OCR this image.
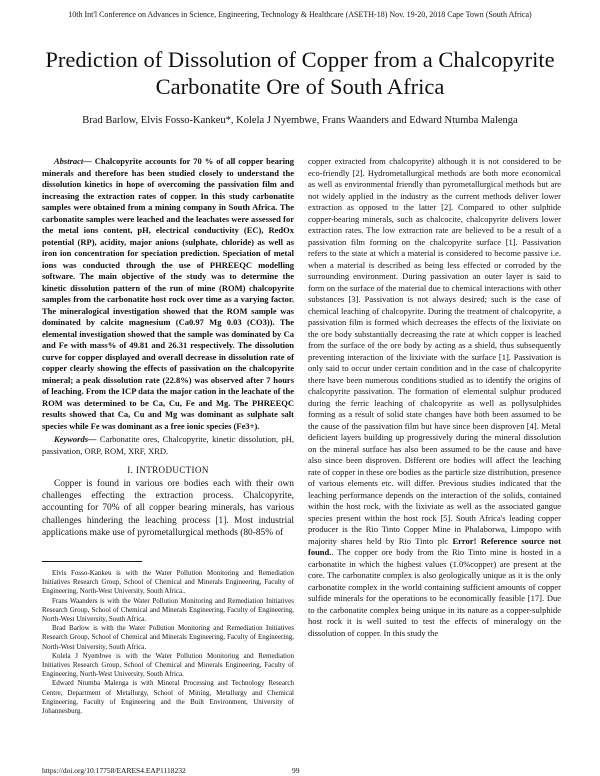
10th Int'l Conference on Advances in Science, Engineering, Technology & Healthcare (ASETH-18) Nov. 19-20, 2018 Cape Town (South Africa)
Prediction of Dissolution of Copper from a Chalcopyrite Carbonatite Ore of South Africa
Brad Barlow, Elvis Fosso-Kankeu*, Kolela J Nyembwe, Frans Waanders and Edward Ntumba Malenga

Abstract— Chalcopyrite accounts for 70 % of all copper bearing minerals and therefore has been studied closely to understand the dissolution kinetics in hope of overcoming the passivation film and increasing the extraction rates of copper. In this study carbonatite samples were obtained from a mining company in South Africa. The carbonatite samples were leached and the leachates were assessed for the metal ions content, pH, electrical conductivity (EC), RedOx potential (RP), acidity, major anions (sulphate, chloride) as well as iron ion concentration for speciation prediction. Speciation of metal ions was conducted through the use of PHREEQC modelling software. The main objective of the study was to determine the kinetic dissolution pattern of the run of mine (ROM) chalcopyrite samples from the carbonatite host rock over time as a varying factor. The mineralogical investigation showed that the ROM sample was dominated by calcite magnesium (Ca0.97 Mg 0.03 (CO3)). The elemental investigation showed that the sample was dominated by Ca and Fe with mass% of 49.81 and 26.31 respectively. The dissolution curve for copper displayed and overall decrease in dissolution rate of copper clearly showing the effects of passivation on the chalcopyrite mineral; a peak dissolution rate (22.8%) was observed after 7 hours of leaching. From the ICP data the major cation in the leachate of the ROM was determined to be Ca, Cu, Fe and Mg. The PHREEQC results showed that Ca, Cu and Mg was dominant as sulphate salt species while Fe was dominant as a free ionic species (Fe3+).

Keywords— Carbonatite ores, Chalcopyrite, kinetic dissolution, pH, passivation, ORP, ROM, XRF, XRD.

I. INTRODUCTION

Copper is found in various ore bodies each with their own challenges effecting the extraction process. Chalcopyrite, accounting for 70% of all copper bearing minerals, has various challenges hindering the leaching process [1]. Most industrial applications make use of pyrometallurgical methods (80-85% of

Elvis Fosso-Kankeu is with the Water Pollution Monitoring and Remediation Initiatives Research Group, School of Chemical and Minerals Engineering, Faculty of Engineering, North-West University, South Africa..

Frans Waanders is with the Water Pollution Monitoring and Remediation Initiatives Research Group, School of Chemical and Minerals Engineering, Faculty of Engineering, North-West University, South Africa.

Brad Barlow is with the Water Pollution Monitoring and Remediation Initiatives Research Group, School of Chemical and Minerals Engineering, Faculty of Engineering, North-West University, South Africa.

Kolela J Nyembwe is with the Water Pollution Monitoring and Remediation Initiatives Research Group, School of Chemical and Minerals Engineering, Faculty of Engineering, North-West University, South Africa.

Edward Ntumba Malenga is with Mineral Processing and Technology Research Centre, Department of Metallurgy, School of Mining, Metallurgy and Chemical Engineering, Faculty of Engineering and the Built Environment, University of Johannesburg.

copper extracted from chalcopyrite) although it is not considered to be eco-friendly [2]. Hydrometallurgical methods are both more economical as well as environmental friendly than pyrometallurgical methods but are not widely applied in the industry as the current methods deliver lower extraction as opposed to the latter [2]. Compared to other sulphide copper-bearing minerals, such as chalcocite, chalcopyrite delivers lower extraction rates. The low extraction rate are believed to be a result of a passivation film forming on the chalcopyrite surface [1]. Passivation refers to the state at which a material is considered to become passive i.e. when a material is described as being less effected or corroded by the surrounding environment. During passivation an outer layer is said to form on the surface of the material due to chemical interactions with other substances [3]. Passivation is not always desired; such is the case of chemical leaching of chalcopyrite. During the treatment of chalcopyrite, a passivation film is formed which decreases the effects of the lixiviate on the ore body substantially decreasing the rate at which copper is leached from the surface of the ore body by acting as a shield, thus subsequently preventing interaction of the lixiviate with the surface [1]. Passivation is only said to occur under certain condition and in the case of chalcopyrite there have been numerous conditions studied as to identify the origins of chalcopyrite passivation. The formation of elemental sulphur produced during the ferric leaching of chalcopyrite as well as pollysulphides forming as a result of solid state changes have both been assumed to be the cause of the passivation film but have since been disproven [4]. Metal deficient layers building up progressively during the mineral dissolution on the mineral surface has also been assumed to be the cause and have also since been disproven. Different ore bodies will affect the leaching rate of copper in these ore bodies as the particle size distribution, presence of various elements etc. will differ. Previous studies indicated that the leaching performance depends on the interaction of the solids, contained within the host rock, with the lixiviate as well as the associated gangue species present within the host rock [5]. South Africa's leading copper producer is the Rio Tinto Copper Mine in Phalaborwa, Limpopo with majority shares held by Rio Tinto plc Error! Reference source not found.. The copper ore body from the Rio Tinto mine is hosted in a carbonatite in which the highest values (1.0%copper) are present at the core. The carbonatite complex is also geologically unique as it is the only carbonatite complex in the world containing sufficient amounts of copper sulfide minerals for the operations to be economically feasible [17]. Due to the carbonatite complex being unique in its nature as a copper-sulphide host rock it is well suited to test the effects of mineralogy on the dissolution of copper. In this study the

https://doi.org/10.17758/EARES4.EAP1118232	99
